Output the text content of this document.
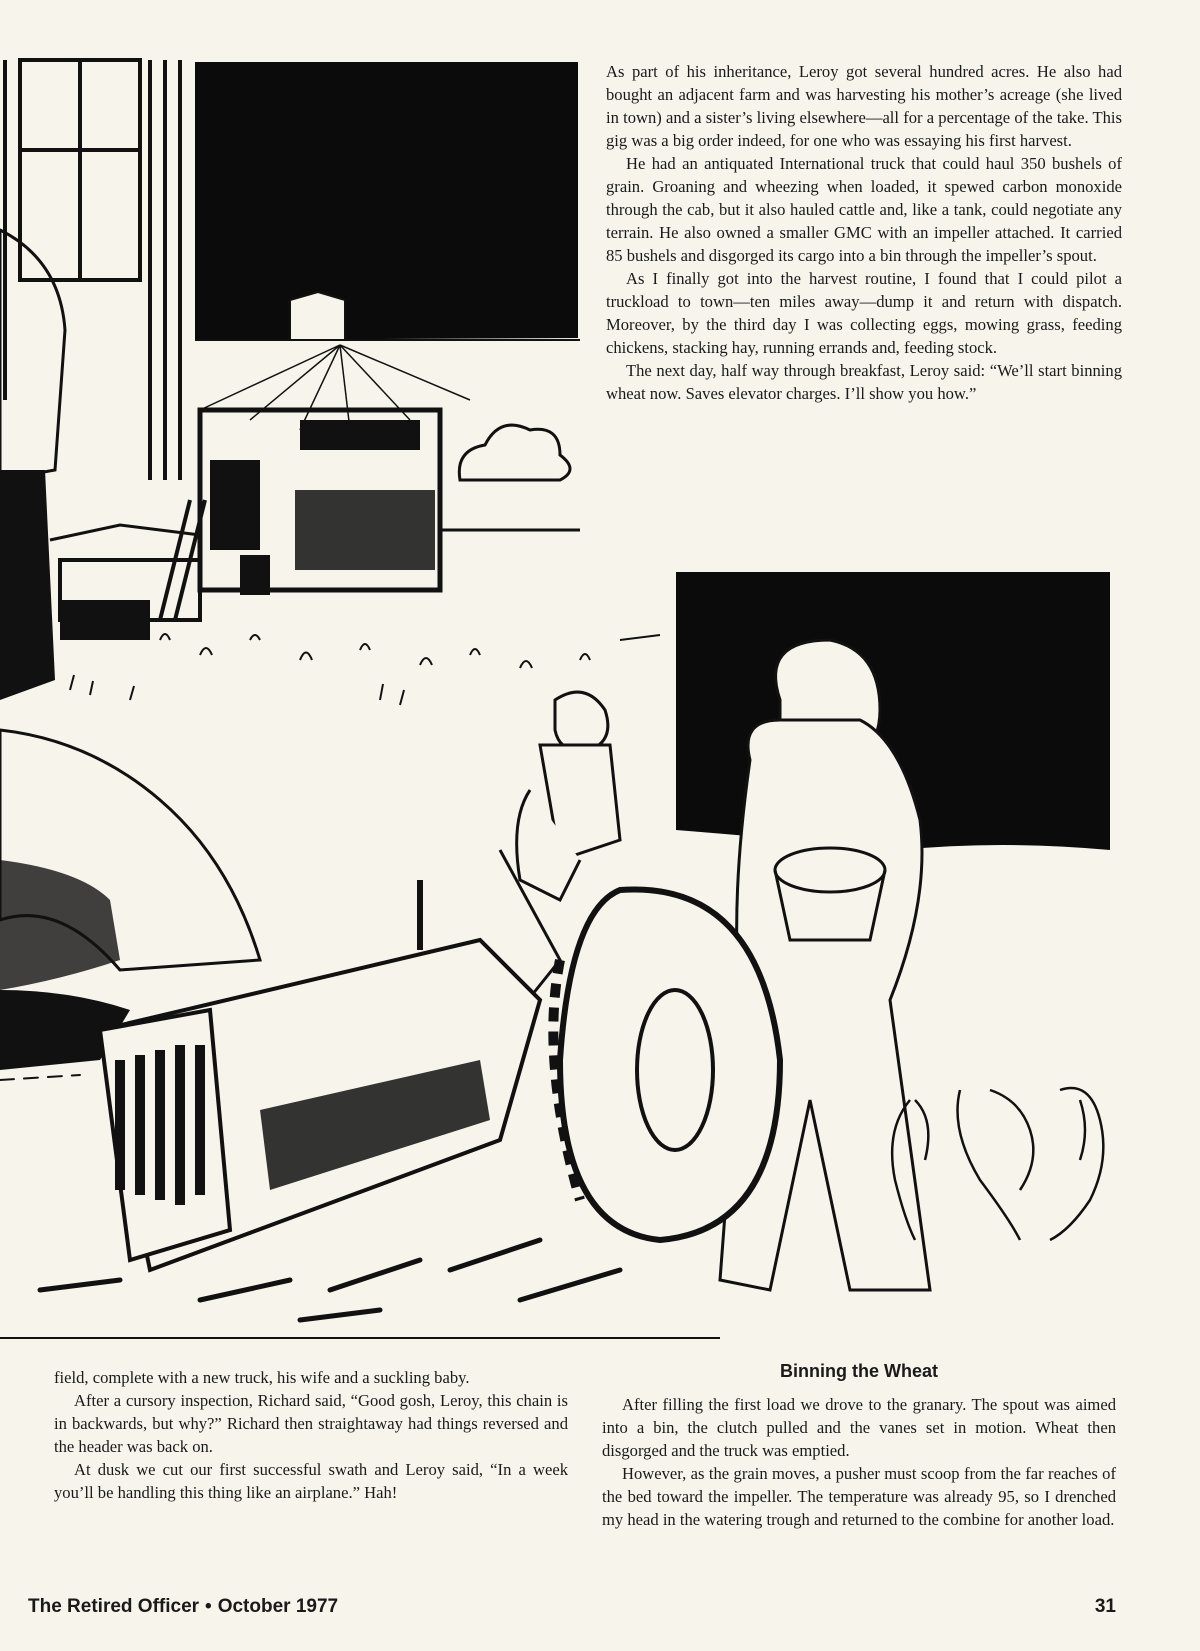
As part of his inheritance, Leroy got several hundred acres. He also had bought an adjacent farm and was harvesting his mother’s acreage (she lived in town) and a sister’s living elsewhere—all for a percentage of the take. This gig was a big order indeed, for one who was essaying his first harvest.

He had an antiquated International truck that could haul 350 bushels of grain. Groaning and wheezing when loaded, it spewed carbon monoxide through the cab, but it also hauled cattle and, like a tank, could negotiate any terrain. He also owned a smaller GMC with an impeller attached. It carried 85 bushels and disgorged its cargo into a bin through the impeller’s spout.

As I finally got into the harvest routine, I found that I could pilot a truckload to town—ten miles away—dump it and return with dispatch. Moreover, by the third day I was collecting eggs, mowing grass, feeding chickens, stacking hay, running errands and, feeding stock.

The next day, half way through breakfast, Leroy said: “We’ll start binning wheat now. Saves elevator charges. I’ll show you how.”

field, complete with a new truck, his wife and a suckling baby.

After a cursory inspection, Richard said, “Good gosh, Leroy, this chain is in backwards, but why?” Richard then straightaway had things reversed and the header was back on.

At dusk we cut our first successful swath and Leroy said, “In a week you’ll be handling this thing like an airplane.” Hah!

Binning the Wheat

After filling the first load we drove to the granary. The spout was aimed into a bin, the clutch pulled and the vanes set in motion. Wheat then disgorged and the truck was emptied.

However, as the grain moves, a pusher must scoop from the far reaches of the bed toward the impeller. The temperature was already 95, so I drenched my head in the watering trough and returned to the combine for another load.

The Retired Officer • October 1977	31
